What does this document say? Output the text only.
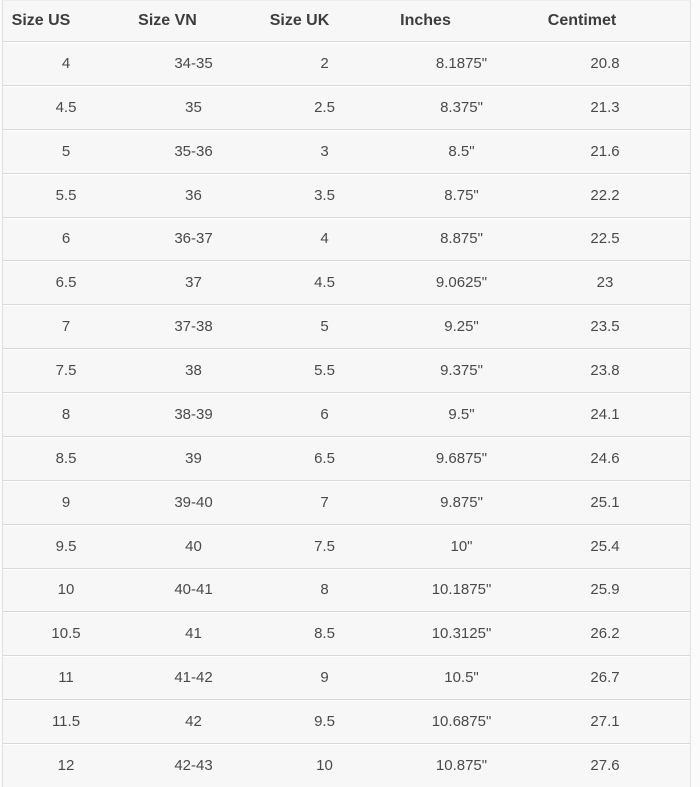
Size US	Size VN	Size UK	Inches	Centimet
4	34-35	2	8.1875"	20.8
4.5	35	2.5	8.375"	21.3
5	35-36	3	8.5"	21.6
5.5	36	3.5	8.75"	22.2
6	36-37	4	8.875"	22.5
6.5	37	4.5	9.0625"	23
7	37-38	5	9.25"	23.5
7.5	38	5.5	9.375"	23.8
8	38-39	6	9.5"	24.1
8.5	39	6.5	9.6875"	24.6
9	39-40	7	9.875"	25.1
9.5	40	7.5	10"	25.4
10	40-41	8	10.1875"	25.9
10.5	41	8.5	10.3125"	26.2
11	41-42	9	10.5"	26.7
11.5	42	9.5	10.6875"	27.1
12	42-43	10	10.875"	27.6
